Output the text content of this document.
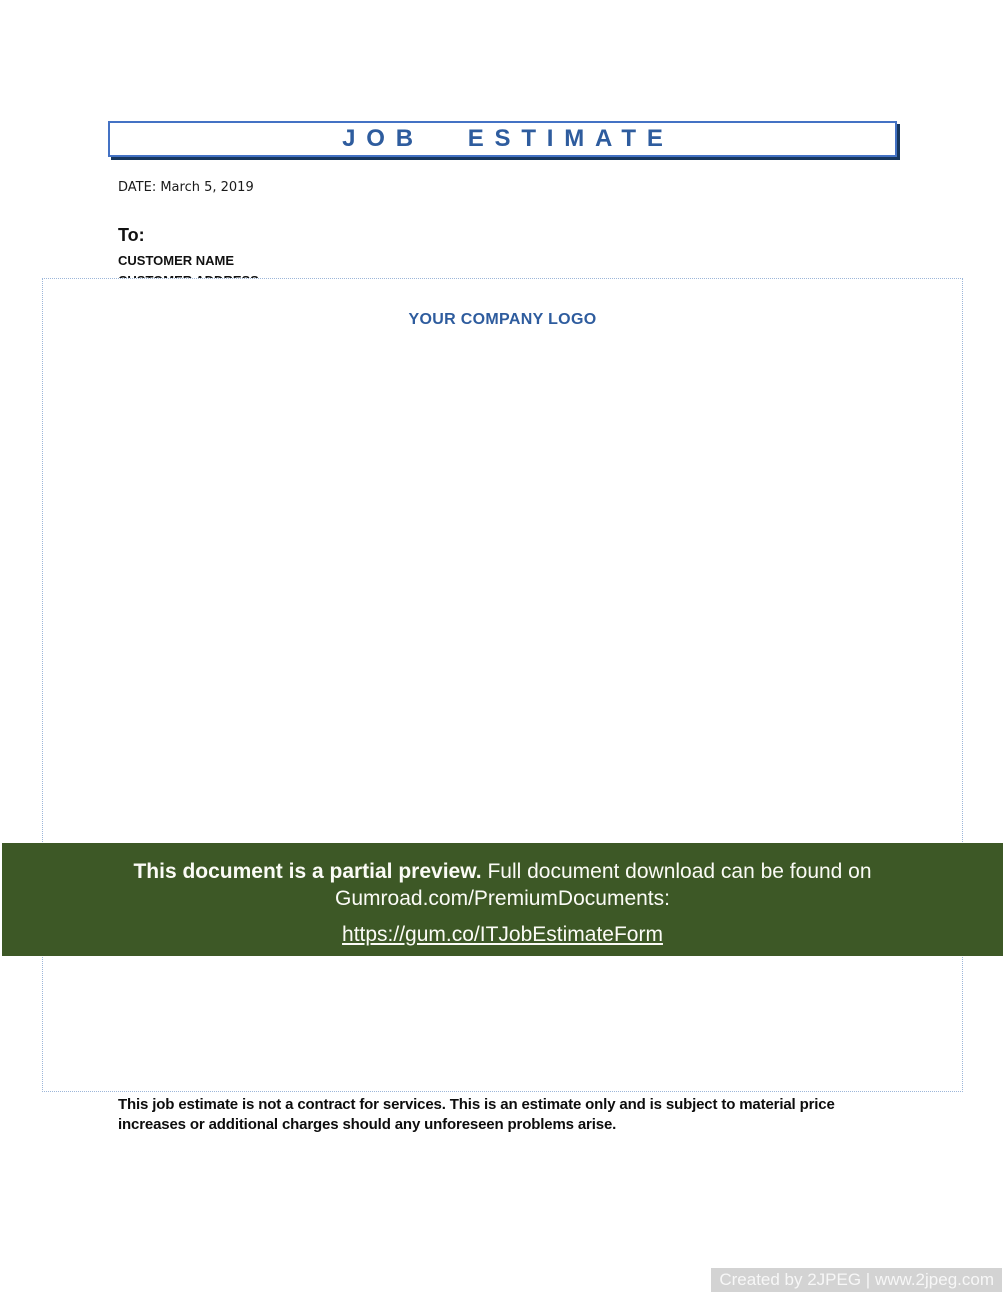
JOB ESTIMATE
DATE: March 5, 2019
To:
CUSTOMER NAME
YOUR COMPANY LOGO
This document is a partial preview. Full document download can be found on
Gumroad.com/PremiumDocuments:
https://gum.co/ITJobEstimateForm
This job estimate is not a contract for services. This is an estimate only and is subject to material price increases or additional charges should any unforeseen problems arise.
Created by 2JPEG | www.2jpeg.com
